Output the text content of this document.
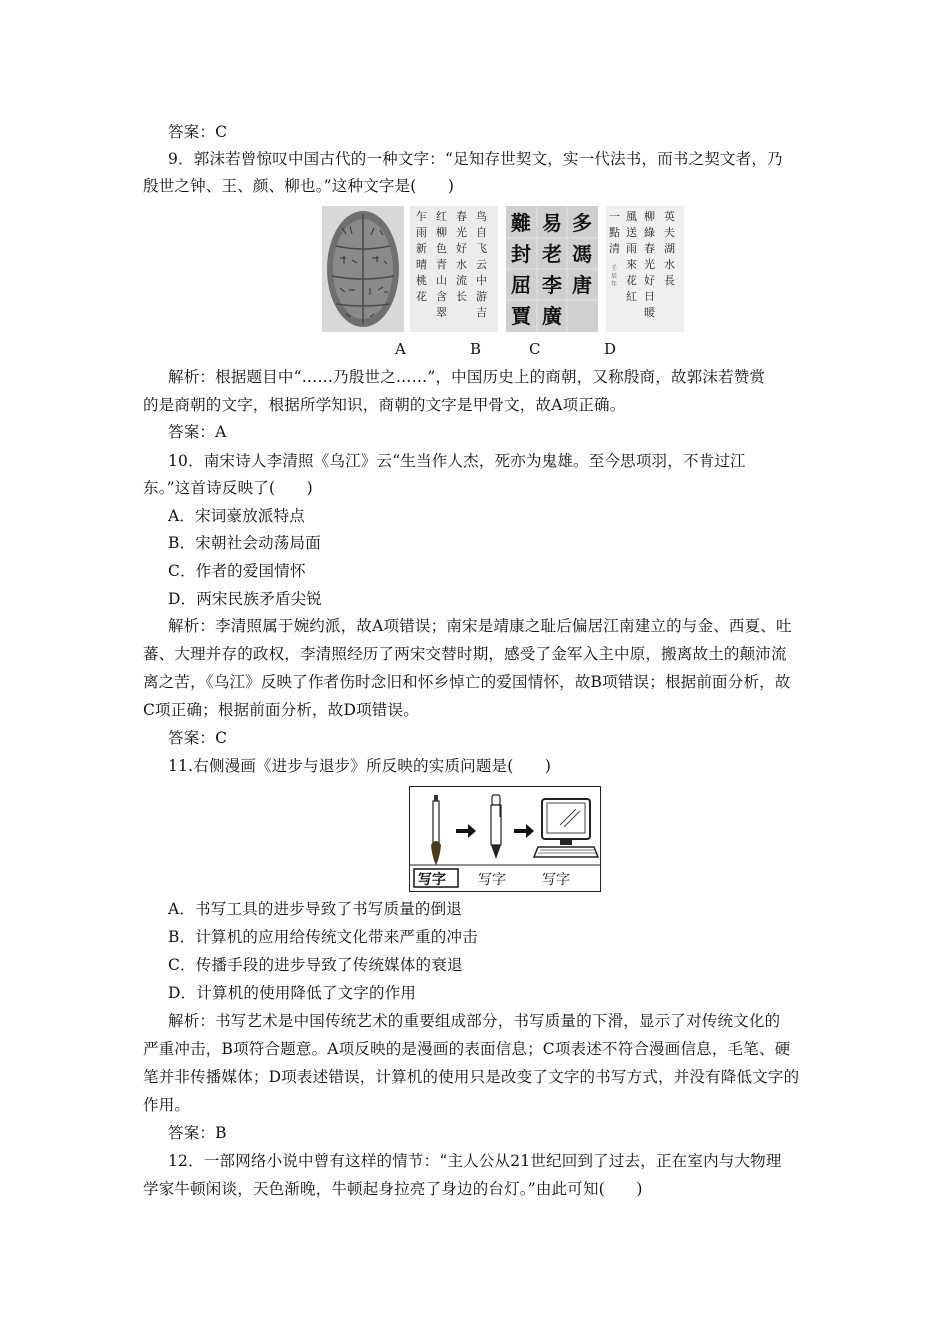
答案：C
9．郭沫若曾惊叹中国古代的一种文字：“足知存世契文，实一代法书，而书之契文者，乃
殷世之钟、王、颜、柳也。”这种文字是(　　)
乍
雨
新
晴
桃
花
红
柳
色
青
山
含
翠
春
光
好
水
流
长
鸟
自
飞
云
中
游
吉
難 易 多
封 老 馮
屈 李 唐
賈 廣
一
點
清
風
送
雨
來
花
紅
柳
綠
春
光
好
日
暖
英
夫
湖
水
長
壬
辰
年
A	B	C	D
解析：根据题目中“……乃殷世之……”，中国历史上的商朝，又称殷商，故郭沫若赞赏
的是商朝的文字，根据所学知识，商朝的文字是甲骨文，故A项正确。
答案：A
10．南宋诗人李清照《乌江》云“生当作人杰，死亦为鬼雄。至今思项羽，不肯过江
东。”这首诗反映了(　　)
A．宋词豪放派特点
B．宋朝社会动荡局面
C．作者的爱国情怀
D．两宋民族矛盾尖锐
解析：李清照属于婉约派，故A项错误；南宋是靖康之耻后偏居江南建立的与金、西夏、吐
蕃、大理并存的政权，李清照经历了两宋交替时期，感受了金军入主中原，搬离故土的颠沛流
离之苦，《乌江》反映了作者伤时念旧和怀乡悼亡的爱国情怀，故B项错误；根据前面分析，故
C项正确；根据前面分析，故D项错误。
答案：C
11.右侧漫画《进步与退步》所反映的实质问题是(　　)
写字 写字	写字
A．书写工具的进步导致了书写质量的倒退
B．计算机的应用给传统文化带来严重的冲击
C．传播手段的进步导致了传统媒体的衰退
D．计算机的使用降低了文字的作用
解析：书写艺术是中国传统艺术的重要组成部分，书写质量的下滑，显示了对传统文化的
严重冲击，B项符合题意。A项反映的是漫画的表面信息；C项表述不符合漫画信息，毛笔、硬
笔并非传播媒体；D项表述错误，计算机的使用只是改变了文字的书写方式，并没有降低文字的
作用。
答案：B
12．一部网络小说中曾有这样的情节：“主人公从21世纪回到了过去，正在室内与大物理
学家牛顿闲谈，天色渐晚，牛顿起身拉亮了身边的台灯。”由此可知(　　)
